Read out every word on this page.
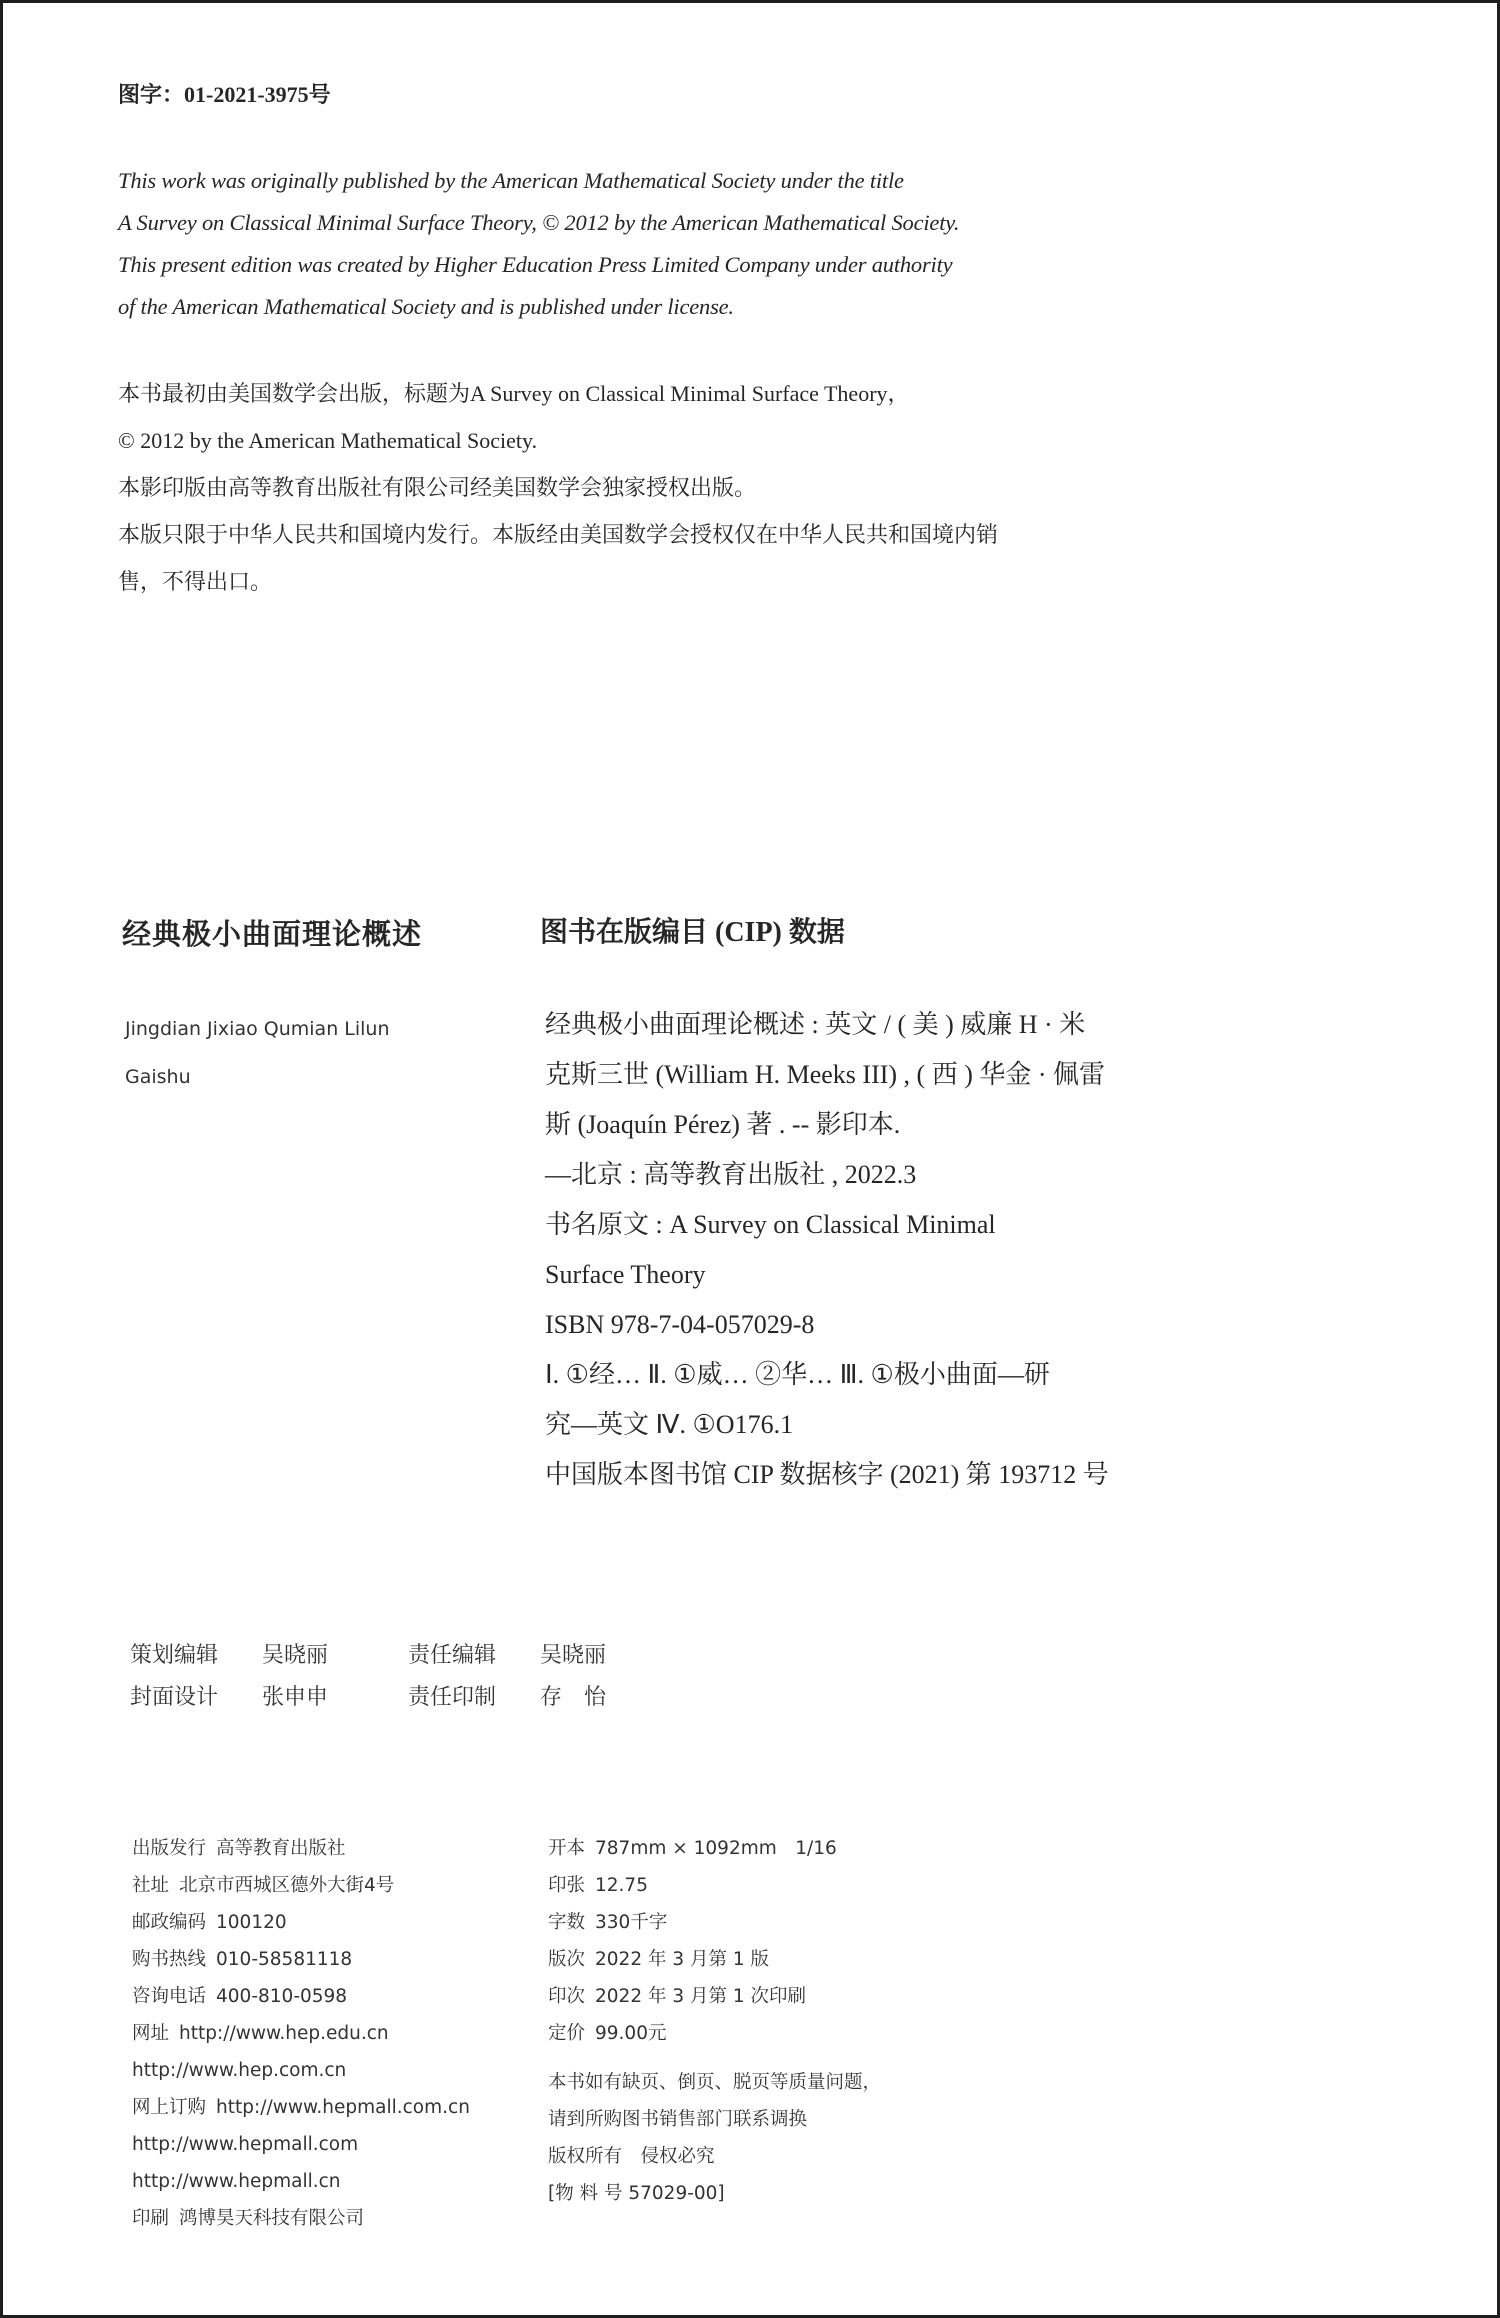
图字：01-2021-3975号
This work was originally published by the American Mathematical Society under the title
A Survey on Classical Minimal Surface Theory, © 2012 by the American Mathematical Society.
This present edition was created by Higher Education Press Limited Company under authority
of the American Mathematical Society and is published under license.
本书最初由美国数学会出版，标题为A Survey on Classical Minimal Surface Theory，
© 2012 by the American Mathematical Society.
本影印版由高等教育出版社有限公司经美国数学会独家授权出版。
本版只限于中华人民共和国境内发行。本版经由美国数学会授权仅在中华人民共和国境内销
售，不得出口。
经典极小曲面理论概述
Jingdian Jixiao Qumian Lilun
Gaishu
图书在版编目 (CIP) 数据
经典极小曲面理论概述 : 英文 / ( 美 ) 威廉 H · 米
克斯三世 (William H. Meeks III) , ( 西 ) 华金 · 佩雷
斯 (Joaquín Pérez) 著 . -- 影印本.
—北京 : 高等教育出版社 , 2022.3
书名原文 : A Survey on Classical Minimal
Surface Theory
ISBN 978-7-04-057029-8
Ⅰ. ①经… Ⅱ. ①威… ②华… Ⅲ. ①极小曲面—研
究—英文 Ⅳ. ①O176.1
中国版本图书馆 CIP 数据核字 (2021) 第 193712 号
策划编辑	吴晓丽	责任编辑	吴晓丽
封面设计	张申申	责任印制	存　怡
出版发行 高等教育出版社
社址 北京市西城区德外大街4号
邮政编码 100120
购书热线 010-58581118
咨询电话 400-810-0598
网址 http://www.hep.edu.cn
http://www.hep.com.cn
网上订购 http://www.hepmall.com.cn
http://www.hepmall.com
http://www.hepmall.cn
印刷 鸿博昊天科技有限公司
开本 787mm × 1092mm　1/16
印张 12.75
字数 330千字
版次 2022 年 3 月第 1 版
印次 2022 年 3 月第 1 次印刷
定价 99.00元
本书如有缺页、倒页、脱页等质量问题，
请到所购图书销售部门联系调换
版权所有　侵权必究
[物 料 号 57029-00]
